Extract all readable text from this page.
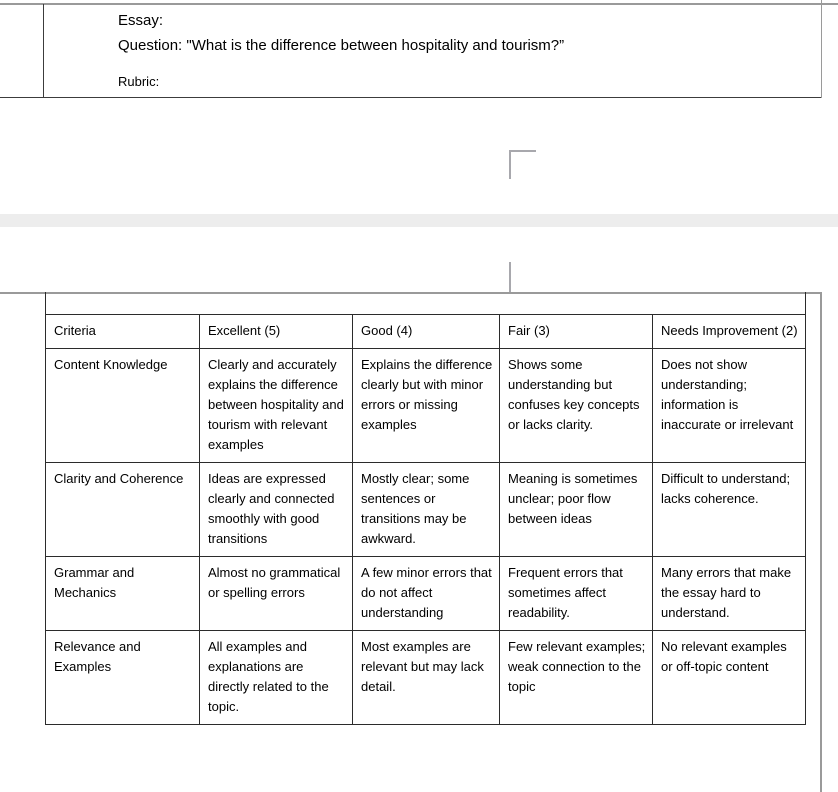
Essay:
Question: "What is the difference between hospitality and tourism?”
Rubric:

Criteria	Excellent (5)	Good (4)	Fair (3)	Needs Improvement (2)
Content Knowledge	Clearly and accurately explains the difference between hospitality and tourism with relevant examples	Explains the difference clearly but with minor errors or missing examples	Shows some understanding but confuses key concepts or lacks clarity.	Does not show understanding; information is inaccurate or irrelevant
Clarity and Coherence	Ideas are expressed clearly and connected smoothly with good transitions	Mostly clear; some sentences or transitions may be awkward.	Meaning is sometimes unclear; poor flow between ideas	Difficult to understand; lacks coherence.
Grammar and Mechanics	Almost no grammatical or spelling errors	A few minor errors that do not affect understanding	Frequent errors that sometimes affect readability.	Many errors that make the essay hard to understand.
Relevance and Examples	All examples and explanations are directly related to the topic.	Most examples are relevant but may lack detail.	Few relevant examples; weak connection to the topic	No relevant examples or off-topic content
